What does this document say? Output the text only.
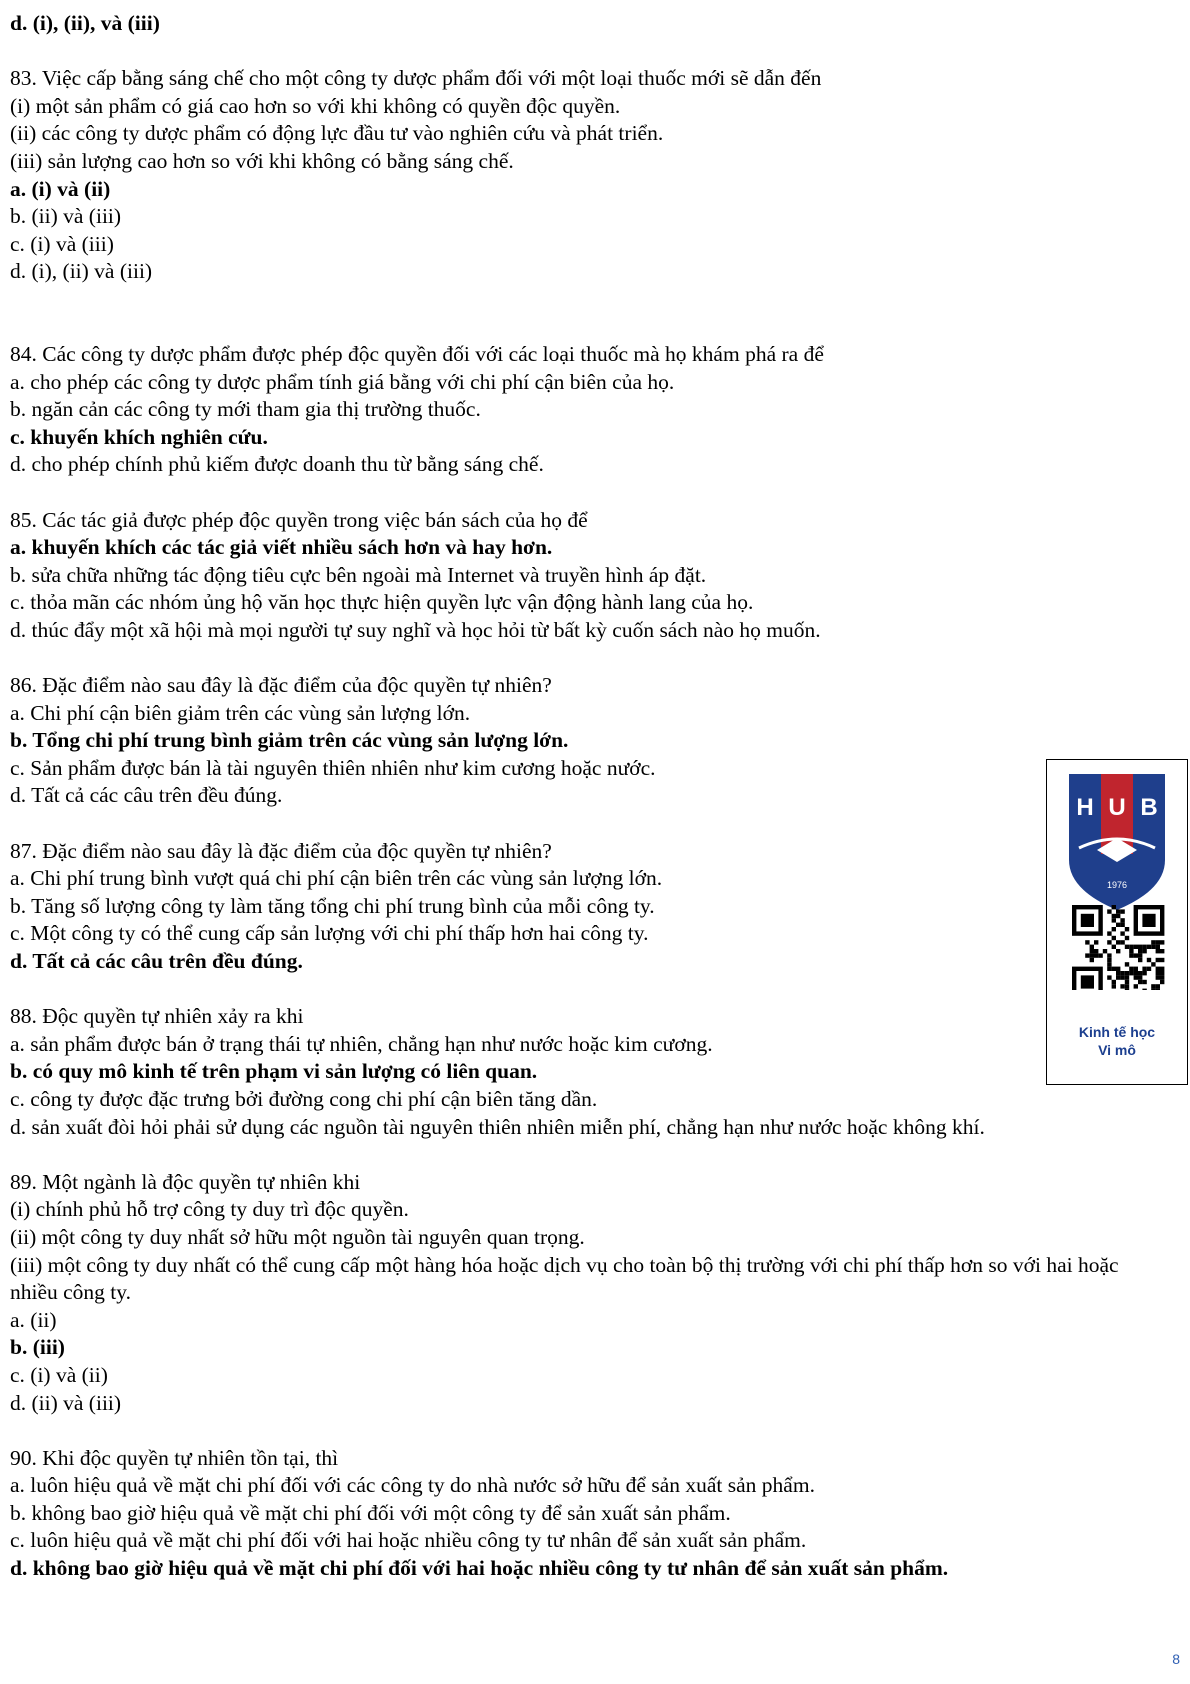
d. (i), (ii), và (iii)
83. Việc cấp bằng sáng chế cho một công ty dược phẩm đối với một loại thuốc mới sẽ dẫn đến
(i) một sản phẩm có giá cao hơn so với khi không có quyền độc quyền.
(ii) các công ty dược phẩm có động lực đầu tư vào nghiên cứu và phát triển.
(iii) sản lượng cao hơn so với khi không có bằng sáng chế.
a. (i) và (ii)
b. (ii) và (iii)
c. (i) và (iii)
d. (i), (ii) và (iii)
84. Các công ty dược phẩm được phép độc quyền đối với các loại thuốc mà họ khám phá ra để
a. cho phép các công ty dược phẩm tính giá bằng với chi phí cận biên của họ.
b. ngăn cản các công ty mới tham gia thị trường thuốc.
c. khuyến khích nghiên cứu.
d. cho phép chính phủ kiếm được doanh thu từ bằng sáng chế.
85. Các tác giả được phép độc quyền trong việc bán sách của họ để
a. khuyến khích các tác giả viết nhiều sách hơn và hay hơn.
b. sửa chữa những tác động tiêu cực bên ngoài mà Internet và truyền hình áp đặt.
c. thỏa mãn các nhóm ủng hộ văn học thực hiện quyền lực vận động hành lang của họ.
d. thúc đẩy một xã hội mà mọi người tự suy nghĩ và học hỏi từ bất kỳ cuốn sách nào họ muốn.
86. Đặc điểm nào sau đây là đặc điểm của độc quyền tự nhiên?
a. Chi phí cận biên giảm trên các vùng sản lượng lớn.
b. Tổng chi phí trung bình giảm trên các vùng sản lượng lớn.
c. Sản phẩm được bán là tài nguyên thiên nhiên như kim cương hoặc nước.
d. Tất cả các câu trên đều đúng.
87. Đặc điểm nào sau đây là đặc điểm của độc quyền tự nhiên?
a. Chi phí trung bình vượt quá chi phí cận biên trên các vùng sản lượng lớn.
b. Tăng số lượng công ty làm tăng tổng chi phí trung bình của mỗi công ty.
c. Một công ty có thể cung cấp sản lượng với chi phí thấp hơn hai công ty.
d. Tất cả các câu trên đều đúng.
88. Độc quyền tự nhiên xảy ra khi
a. sản phẩm được bán ở trạng thái tự nhiên, chẳng hạn như nước hoặc kim cương.
b. có quy mô kinh tế trên phạm vi sản lượng có liên quan.
c. công ty được đặc trưng bởi đường cong chi phí cận biên tăng dần.
d. sản xuất đòi hỏi phải sử dụng các nguồn tài nguyên thiên nhiên miễn phí, chẳng hạn như nước hoặc không khí.
89. Một ngành là độc quyền tự nhiên khi
(i) chính phủ hỗ trợ công ty duy trì độc quyền.
(ii) một công ty duy nhất sở hữu một nguồn tài nguyên quan trọng.
(iii) một công ty duy nhất có thể cung cấp một hàng hóa hoặc dịch vụ cho toàn bộ thị trường với chi phí thấp hơn so với hai hoặc nhiều công ty.
a. (ii)
b. (iii)
c. (i) và (ii)
d. (ii) và (iii)
90. Khi độc quyền tự nhiên tồn tại, thì
a. luôn hiệu quả về mặt chi phí đối với các công ty do nhà nước sở hữu để sản xuất sản phẩm.
b. không bao giờ hiệu quả về mặt chi phí đối với một công ty để sản xuất sản phẩm.
c. luôn hiệu quả về mặt chi phí đối với hai hoặc nhiều công ty tư nhân để sản xuất sản phẩm.
d. không bao giờ hiệu quả về mặt chi phí đối với hai hoặc nhiều công ty tư nhân để sản xuất sản phẩm.
H U B
1976
Kinh tế học
Vi mô
8
